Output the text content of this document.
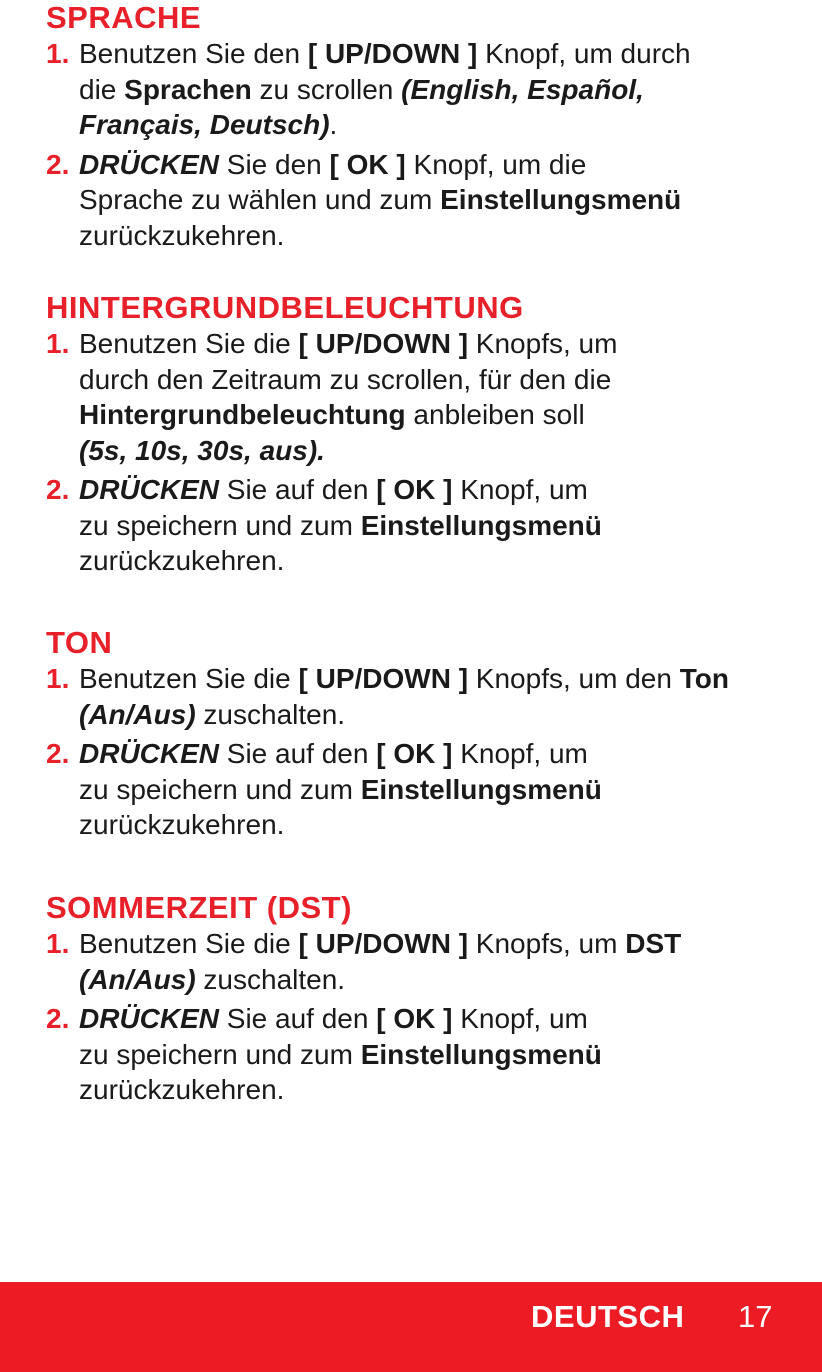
SPRACHE

1. Benutzen Sie den [ UP/DOWN ] Knopf, um durch
die Sprachen zu scrollen (English, Español,
Français, Deutsch).

2. DRÜCKEN Sie den [ OK ] Knopf, um die
Sprache zu wählen und zum Einstellungsmenü
zurückzukehren.

HINTERGRUNDBELEUCHTUNG

1. Benutzen Sie die [ UP/DOWN ] Knopfs, um
durch den Zeitraum zu scrollen, für den die
Hintergrundbeleuchtung anbleiben soll
(5s, 10s, 30s, aus).

2. DRÜCKEN Sie auf den [ OK ] Knopf, um
zu speichern und zum Einstellungsmenü
zurückzukehren.

TON

1. Benutzen Sie die [ UP/DOWN ] Knopfs, um den Ton
(An/Aus) zuschalten.

2. DRÜCKEN Sie auf den [ OK ] Knopf, um
zu speichern und zum Einstellungsmenü
zurückzukehren.

SOMMERZEIT (DST)

1. Benutzen Sie die [ UP/DOWN ] Knopfs, um DST
(An/Aus) zuschalten.

2. DRÜCKEN Sie auf den [ OK ] Knopf, um
zu speichern und zum Einstellungsmenü
zurückzukehren.

DEUTSCH 17
